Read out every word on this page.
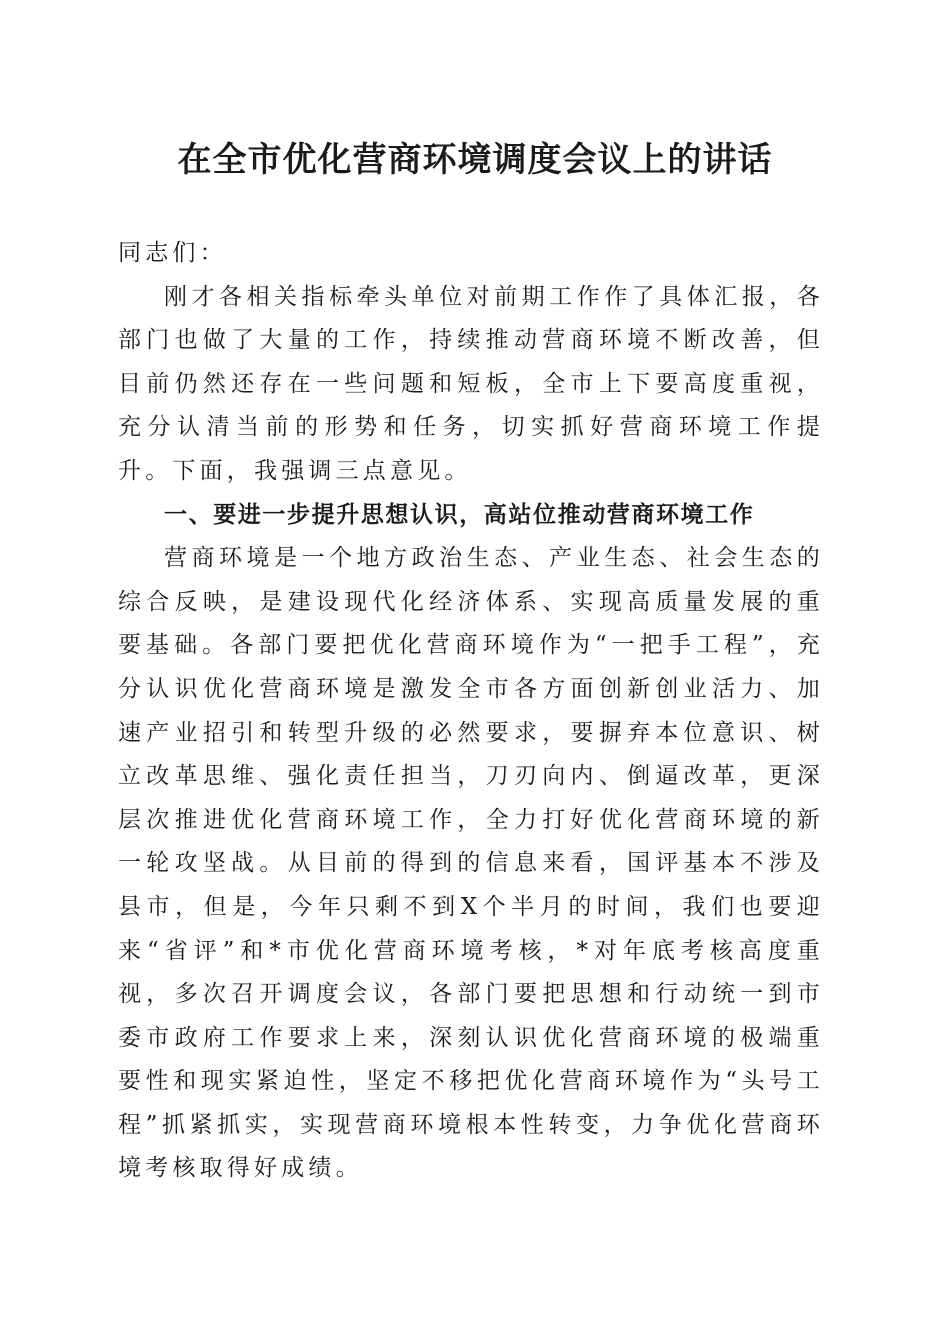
在全市优化营商环境调度会议上的讲话

同志们：

刚才各相关指标牵头单位对前期工作作了具体汇报，各部门也做了大量的工作，持续推动营商环境不断改善，但目前仍然还存在一些问题和短板，全市上下要高度重视，充分认清当前的形势和任务，切实抓好营商环境工作提升。下面，我强调三点意见。

一、要进一步提升思想认识，高站位推动营商环境工作

营商环境是一个地方政治生态、产业生态、社会生态的综合反映，是建设现代化经济体系、实现高质量发展的重要基础。各部门要把优化营商环境作为“一把手工程”，充分认识优化营商环境是激发全市各方面创新创业活力、加速产业招引和转型升级的必然要求，要摒弃本位意识、树立改革思维、强化责任担当，刀刃向内、倒逼改革，更深层次推进优化营商环境工作，全力打好优化营商环境的新一轮攻坚战。从目前的得到的信息来看，国评基本不涉及县市，但是，今年只剩不到X个半月的时间，我们也要迎来“省评”和*市优化营商环境考核，*对年底考核高度重视，多次召开调度会议，各部门要把思想和行动统一到市委市政府工作要求上来，深刻认识优化营商环境的极端重要性和现实紧迫性，坚定不移把优化营商环境作为“头号工程”抓紧抓实，实现营商环境根本性转变，力争优化营商环境考核取得好成绩。
